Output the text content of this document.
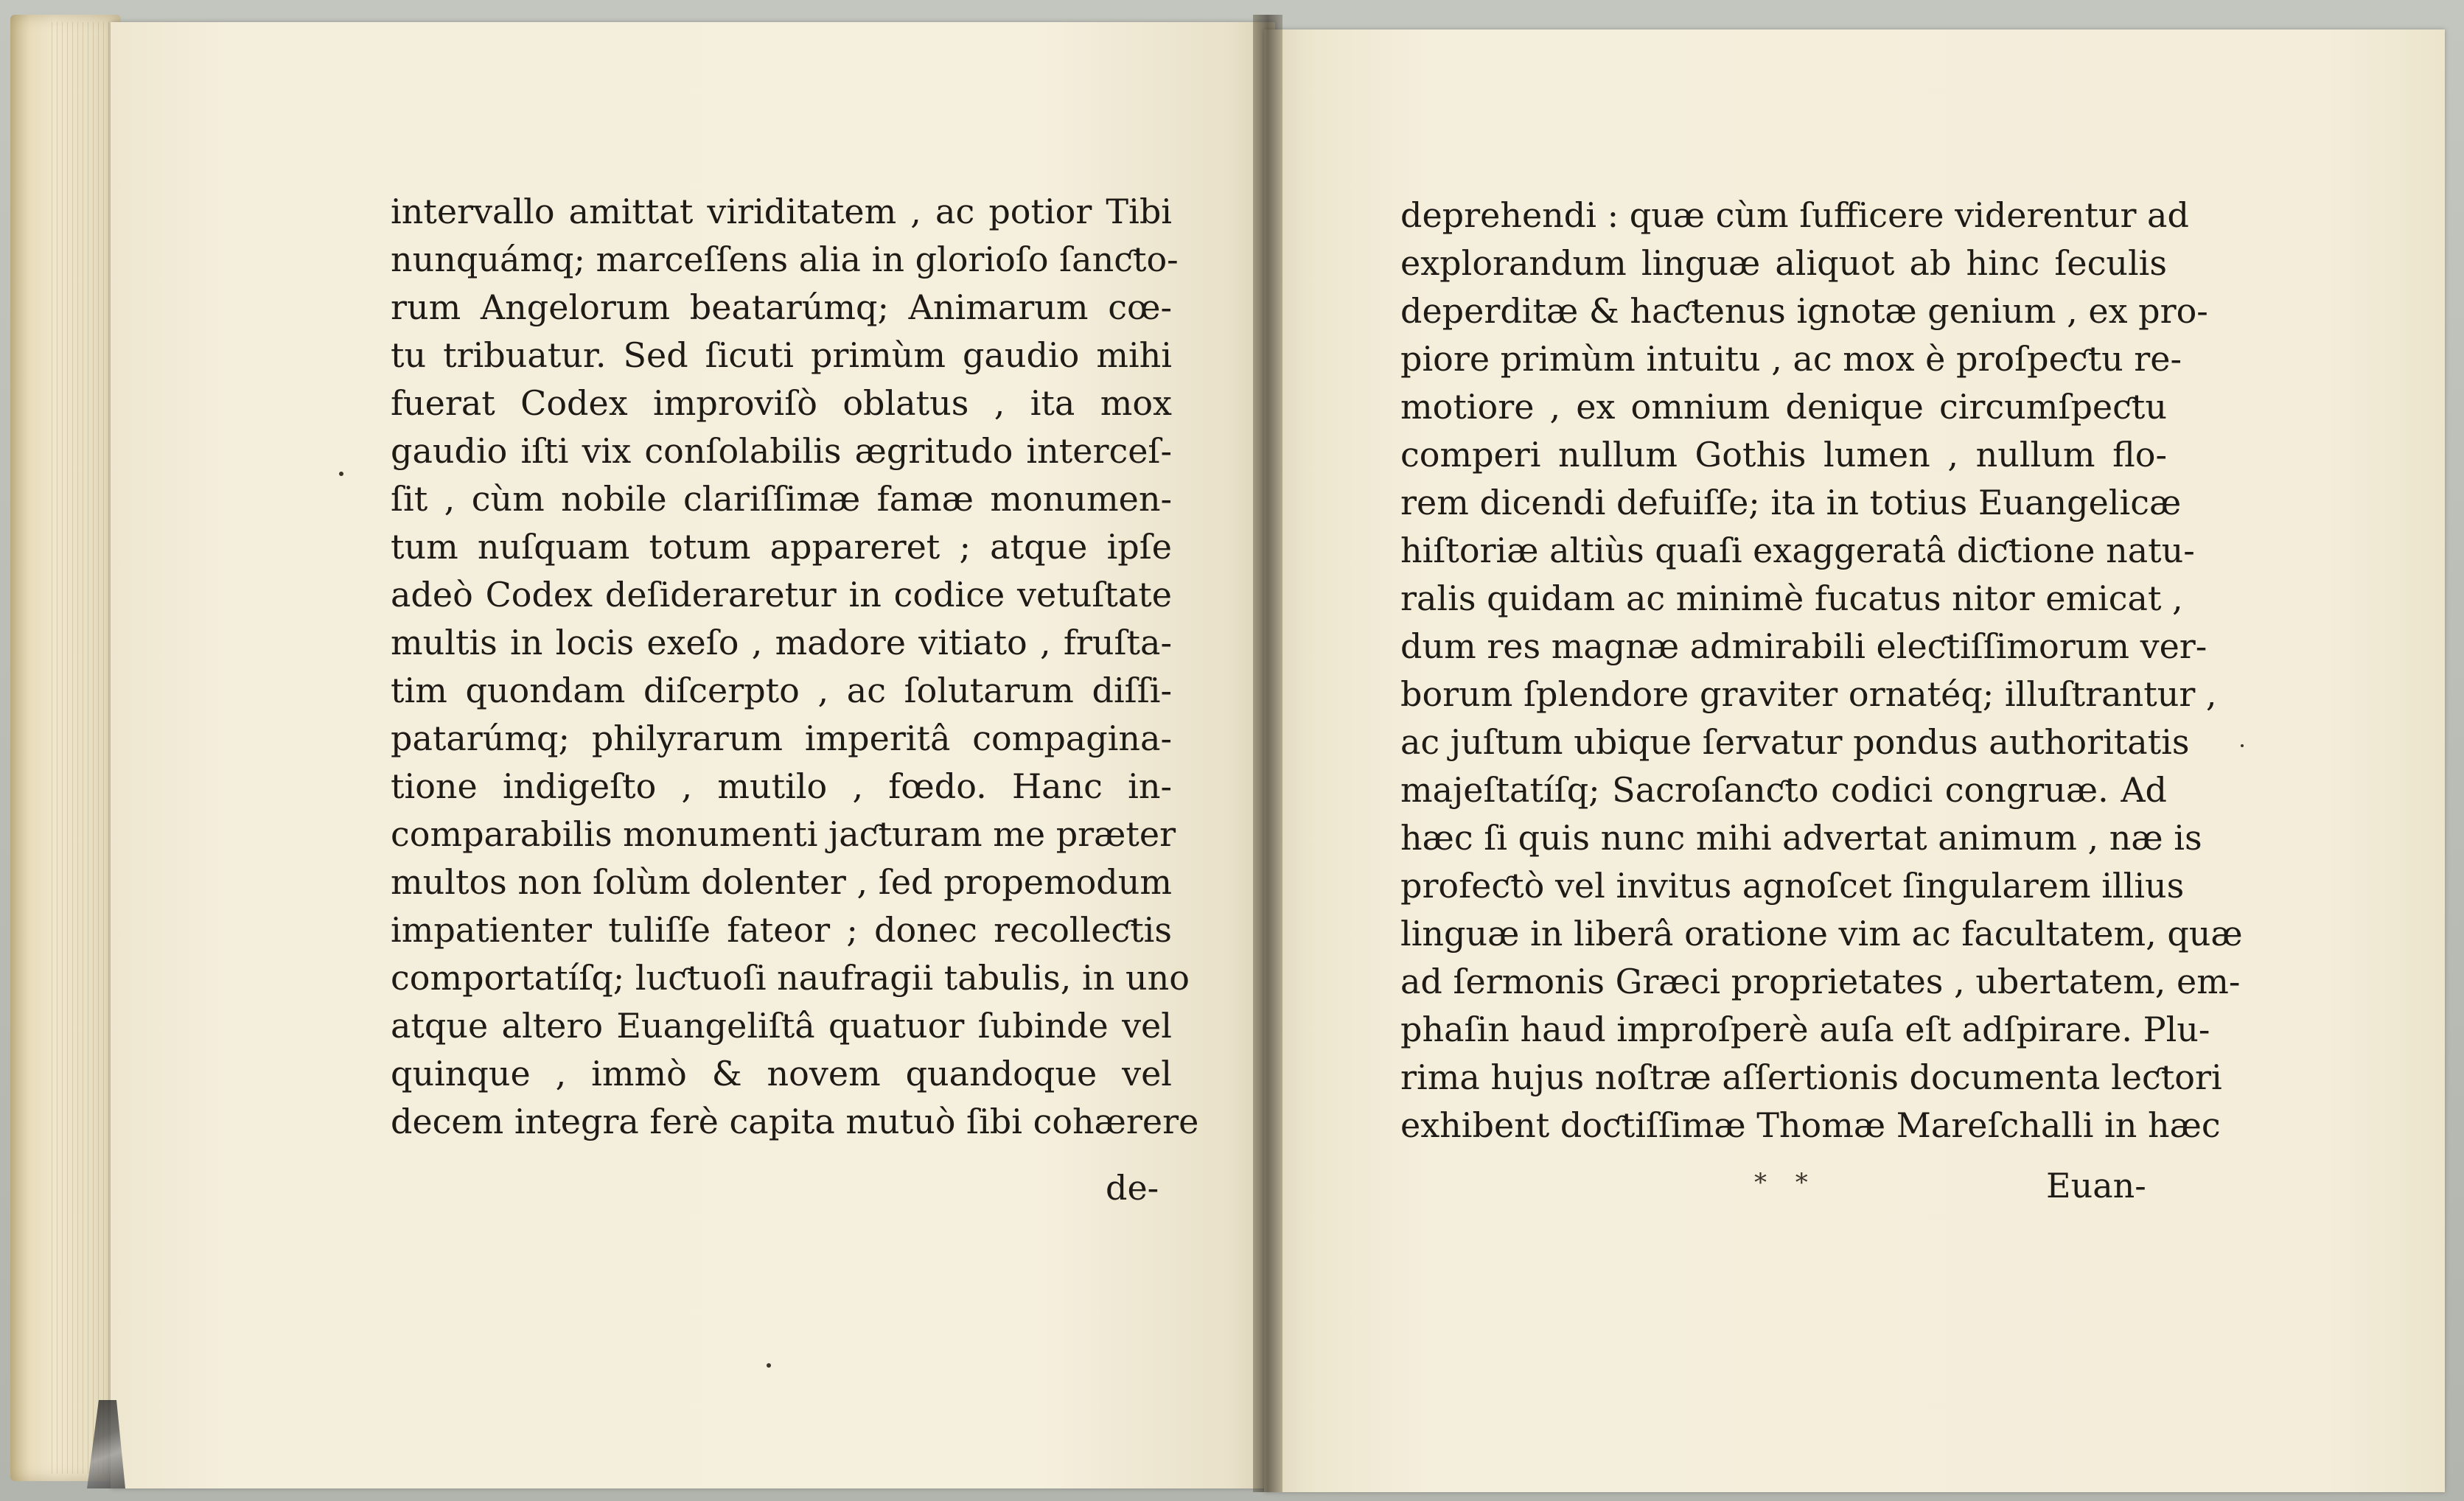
intervallo amittat viriditatem , ac potior Tibi
nunquámq; marceſſens alia in glorioſo ſanƈto-
rum Angelorum beatarúmq; Animarum cœ-
tu tribuatur. Sed ſicuti primùm gaudio mihi
fuerat Codex improviſò oblatus , ita mox
gaudio iſti vix conſolabilis ægritudo interceſ-
ſit , cùm nobile clariſſimæ famæ monumen-
tum nuſquam totum appareret ; atque ipſe
adeò Codex deſideraretur in codice vetuſtate
multis in locis exeſo , madore vitiato , fruſta-
tim quondam diſcerpto , ac ſolutarum diſſi-
patarúmq; philyrarum imperitâ compagina-
tione indigeſto , mutilo , fœdo. Hanc in-
comparabilis monumenti jaƈturam me præter
multos non ſolùm dolenter , ſed propemodum
impatienter tuliſſe fateor ; donec recolleƈtis
comportatíſq; luƈtuoſi naufragii tabulis, in uno
atque altero Euangeliſtâ quatuor ſubinde vel
quinque , immò & novem quandoque vel
decem integra ferè capita mutuò ſibi cohærere
de-
deprehendi : quæ cùm ſufficere viderentur ad
explorandum linguæ aliquot ab hinc ſeculis
deperditæ & haƈtenus ignotæ genium , ex pro-
piore primùm intuitu , ac mox è proſpeƈtu re-
motiore , ex omnium denique circumſpeƈtu
comperi nullum Gothis lumen , nullum flo-
rem dicendi defuiſſe; ita in totius Euangelicæ
hiſtoriæ altiùs quaſi exaggeratâ diƈtione natu-
ralis quidam ac minimè fucatus nitor emicat ,
dum res magnæ admirabili eleƈtiſſimorum ver-
borum ſplendore graviter ornatéq; illuſtrantur ,
ac juſtum ubique ſervatur pondus authoritatis
majeſtatíſq; Sacroſanƈto codici congruæ. Ad
hæc ſi quis nunc mihi advertat animum , næ is
profeƈtò vel invitus agnoſcet ſingularem illius
linguæ in liberâ oratione vim ac facultatem, quæ
ad ſermonis Græci proprietates , ubertatem, em-
phaſin haud improſperè auſa eſt adſpirare. Plu-
rima hujus noſtræ aſſertionis documenta leƈtori
exhibent doƈtiſſimæ Thomæ Mareſchalli in hæc
* *	Euan-
